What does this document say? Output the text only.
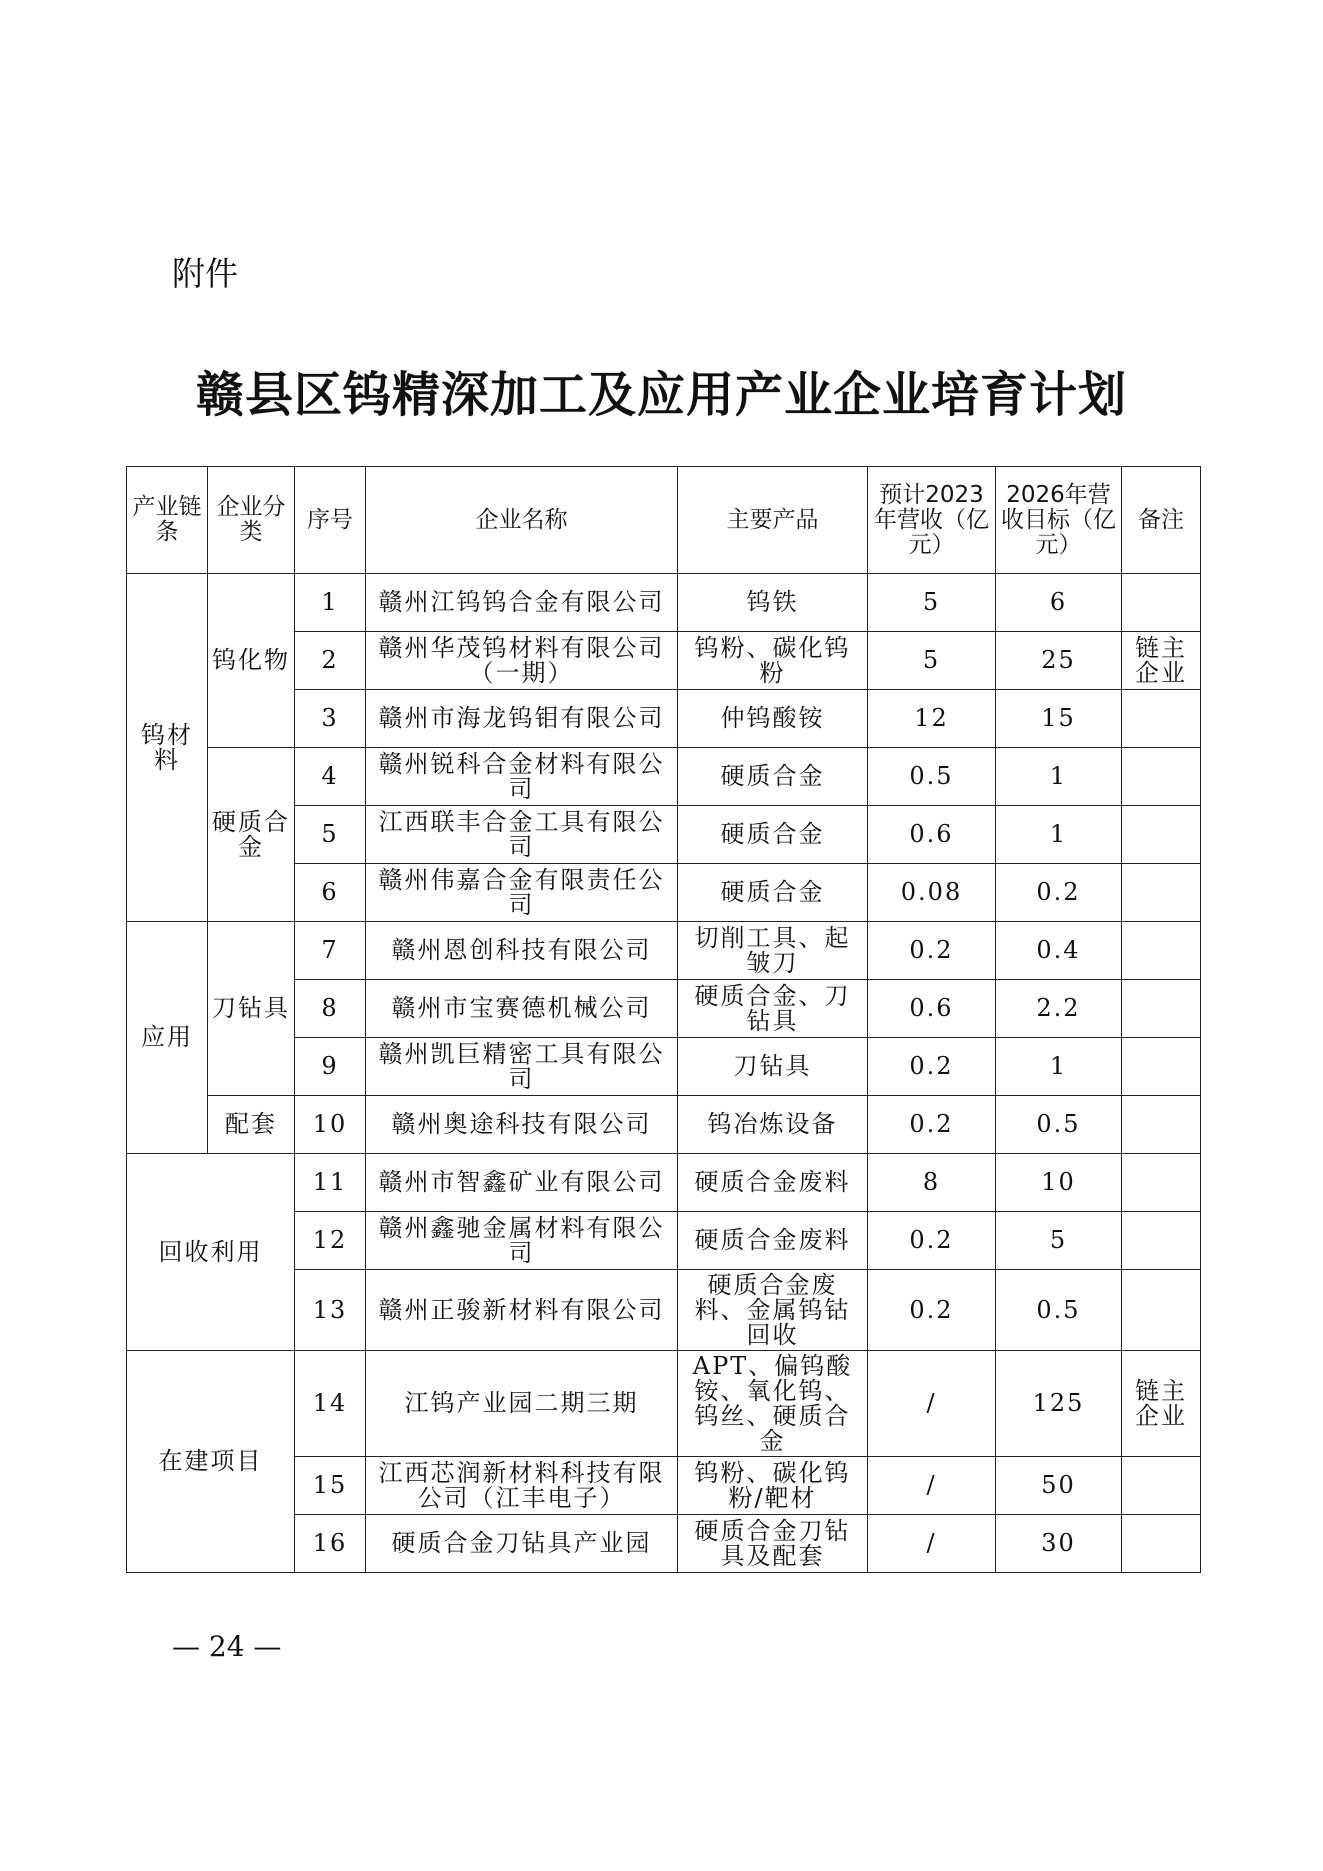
附件
赣县区钨精深加工及应用产业企业培育计划
产业链条	企业分类	序号	企业名称	主要产品	预计2023年营收（亿元）	2026年营收目标（亿元）	备注
钨材料	钨化物	1	赣州江钨钨合金有限公司	钨铁	5	6	
		2	赣州华茂钨材料有限公司（一期）	钨粉、碳化钨粉	5	25	链主企业
		3	赣州市海龙钨钼有限公司	仲钨酸铵	12	15	
	硬质合金	4	赣州锐科合金材料有限公司	硬质合金	0.5	1	
		5	江西联丰合金工具有限公司	硬质合金	0.6	1	
		6	赣州伟嘉合金有限责任公司	硬质合金	0.08	0.2	
应用	刀钻具	7	赣州恩创科技有限公司	切削工具、起皱刀	0.2	0.4	
		8	赣州市宝赛德机械公司	硬质合金、刀钻具	0.6	2.2	
		9	赣州凯巨精密工具有限公司	刀钻具	0.2	1	
	配套	10	赣州奥途科技有限公司	钨冶炼设备	0.2	0.5	
回收利用		11	赣州市智鑫矿业有限公司	硬质合金废料	8	10	
		12	赣州鑫驰金属材料有限公司	硬质合金废料	0.2	5	
		13	赣州正骏新材料有限公司	硬质合金废料、金属钨钴回收	0.2	0.5	
在建项目		14	江钨产业园二期三期	APT、偏钨酸铵、氧化钨、钨丝、硬质合金	/	125	链主企业
		15	江西芯润新材料科技有限公司（江丰电子）	钨粉、碳化钨粉/靶材	/	50	
		16	硬质合金刀钻具产业园	硬质合金刀钻具及配套	/	30	
— 24 —
